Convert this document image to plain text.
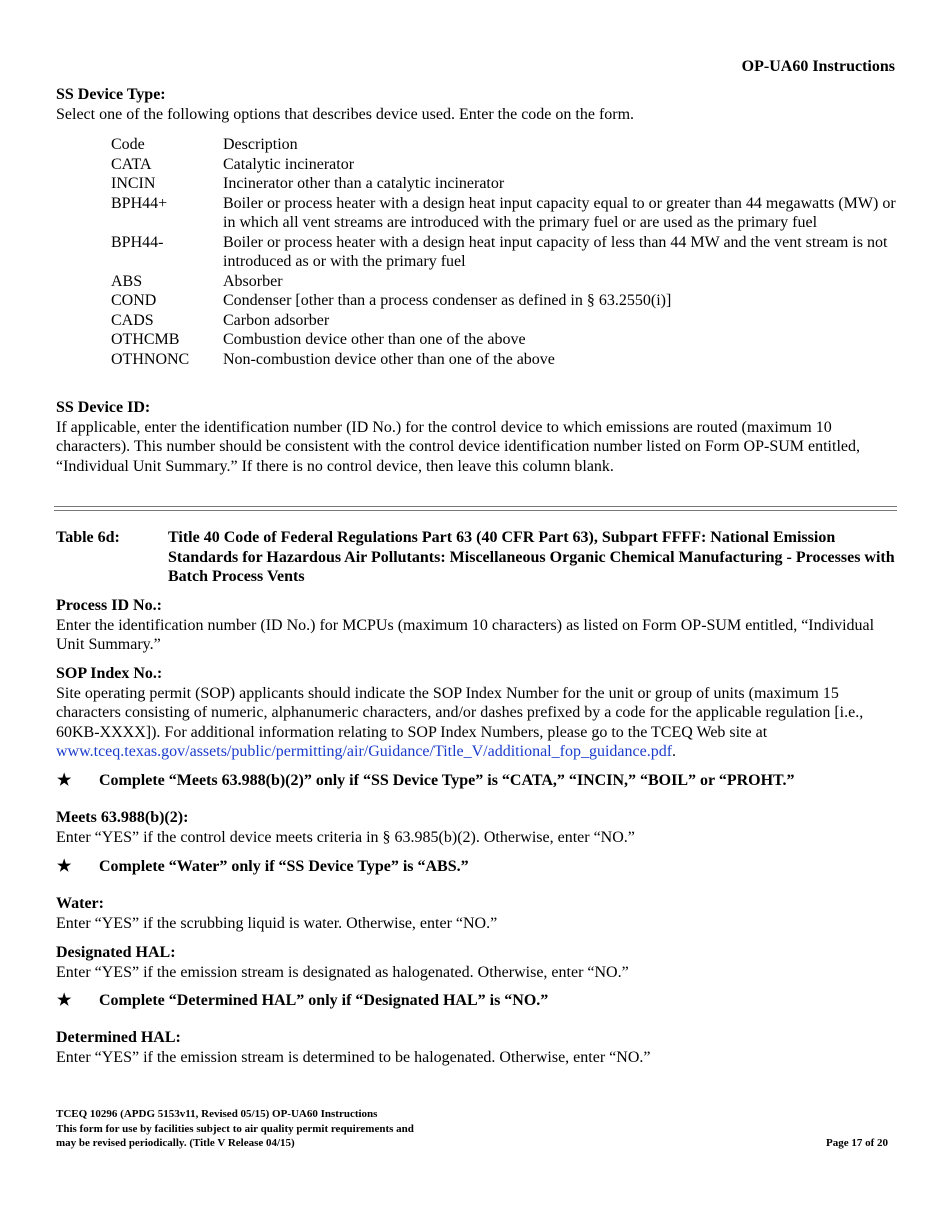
OP-UA60 Instructions
SS Device Type:
Select one of the following options that describes device used. Enter the code on the form.
Code	Description
CATA	Catalytic incinerator
INCIN	Incinerator other than a catalytic incinerator
BPH44+	Boiler or process heater with a design heat input capacity equal to or greater than 44 megawatts (MW) or in which all vent streams are introduced with the primary fuel or are used as the primary fuel
BPH44-	Boiler or process heater with a design heat input capacity of less than 44 MW and the vent stream is not introduced as or with the primary fuel
ABS	Absorber
COND	Condenser [other than a process condenser as defined in § 63.2550(i)]
CADS	Carbon adsorber
OTHCMB	Combustion device other than one of the above
OTHNONC	Non-combustion device other than one of the above
SS Device ID:
If applicable, enter the identification number (ID No.) for the control device to which emissions are routed (maximum 10 characters). This number should be consistent with the control device identification number listed on Form OP-SUM entitled, “Individual Unit Summary.” If there is no control device, then leave this column blank.
Table 6d:	Title 40 Code of Federal Regulations Part 63 (40 CFR Part 63), Subpart FFFF: National Emission Standards for Hazardous Air Pollutants: Miscellaneous Organic Chemical Manufacturing - Processes with Batch Process Vents
Process ID No.:
Enter the identification number (ID No.) for MCPUs (maximum 10 characters) as listed on Form OP-SUM entitled, “Individual Unit Summary.”
SOP Index No.:
Site operating permit (SOP) applicants should indicate the SOP Index Number for the unit or group of units (maximum 15 characters consisting of numeric, alphanumeric characters, and/or dashes prefixed by a code for the applicable regulation [i.e., 60KB-XXXX]). For additional information relating to SOP Index Numbers, please go to the TCEQ Web site at www.tceq.texas.gov/assets/public/permitting/air/Guidance/Title_V/additional_fop_guidance.pdf.
★	Complete “Meets 63.988(b)(2)” only if “SS Device Type” is “CATA,” “INCIN,” “BOIL” or “PROHT.”
Meets 63.988(b)(2):
Enter “YES” if the control device meets criteria in § 63.985(b)(2). Otherwise, enter “NO.”
★	Complete “Water” only if “SS Device Type” is “ABS.”
Water:
Enter “YES” if the scrubbing liquid is water. Otherwise, enter “NO.”
Designated HAL:
Enter “YES” if the emission stream is designated as halogenated. Otherwise, enter “NO.”
★	Complete “Determined HAL” only if “Designated HAL” is “NO.”
Determined HAL:
Enter “YES” if the emission stream is determined to be halogenated. Otherwise, enter “NO.”
TCEQ 10296 (APDG 5153v11, Revised 05/15) OP-UA60 Instructions
This form for use by facilities subject to air quality permit requirements and
may be revised periodically. (Title V Release 04/15)	Page 17 of 20
